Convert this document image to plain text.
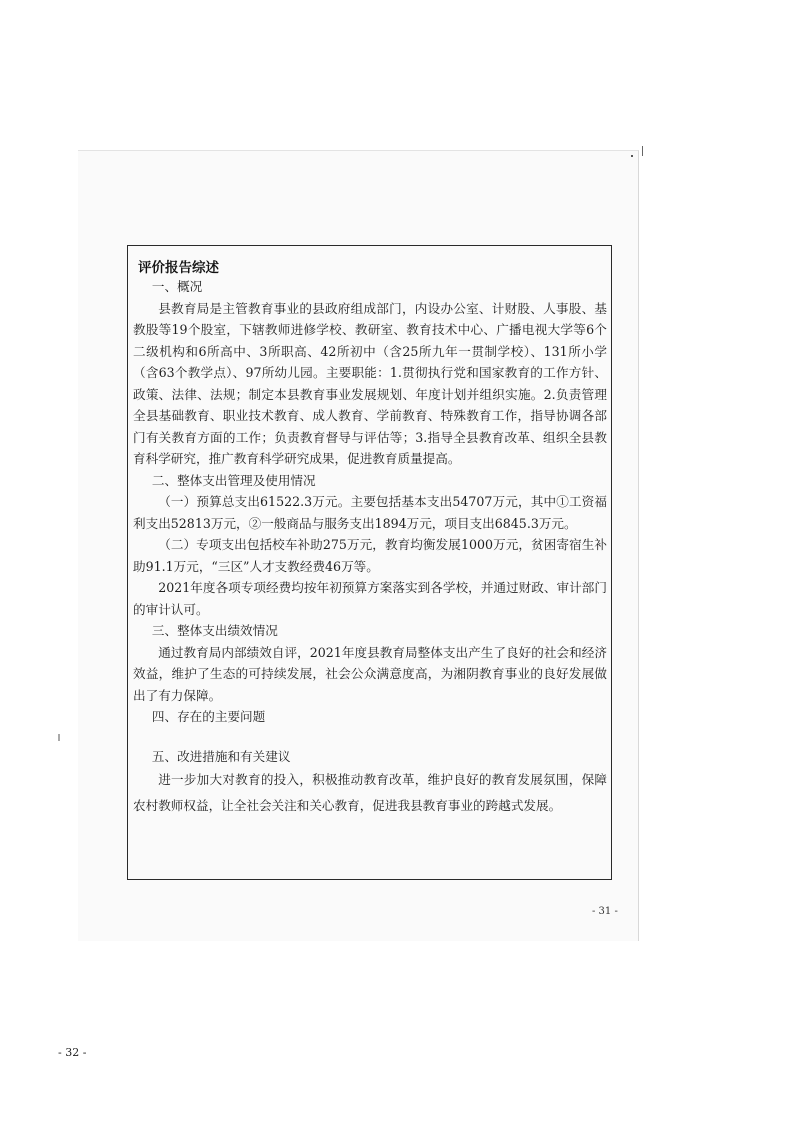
评价报告综述

一、概况

县教育局是主管教育事业的县政府组成部门，内设办公室、计财股、人事股、基教股等19个股室，下辖教师进修学校、教研室、教育技术中心、广播电视大学等6个二级机构和6所高中、3所职高、42所初中（含25所九年一贯制学校）、131所小学（含63个教学点）、97所幼儿园。主要职能：1.贯彻执行党和国家教育的工作方针、政策、法律、法规；制定本县教育事业发展规划、年度计划并组织实施。2.负责管理全县基础教育、职业技术教育、成人教育、学前教育、特殊教育工作，指导协调各部门有关教育方面的工作；负责教育督导与评估等；3.指导全县教育改革、组织全县教育科学研究，推广教育科学研究成果，促进教育质量提高。

二、整体支出管理及使用情况

（一）预算总支出61522.3万元。主要包括基本支出54707万元，其中①工资福利支出52813万元，②一般商品与服务支出1894万元，项目支出6845.3万元。

（二）专项支出包括校车补助275万元，教育均衡发展1000万元，贫困寄宿生补助91.1万元，“三区”人才支教经费46万等。

2021年度各项专项经费均按年初预算方案落实到各学校，并通过财政、审计部门的审计认可。

三、整体支出绩效情况

通过教育局内部绩效自评，2021年度县教育局整体支出产生了良好的社会和经济效益，维护了生态的可持续发展，社会公众满意度高，为湘阴教育事业的良好发展做出了有力保障。

四、存在的主要问题

五、改进措施和有关建议

进一步加大对教育的投入，积极推动教育改革，维护良好的教育发展氛围，保障农村教师权益，让全社会关注和关心教育，促进我县教育事业的跨越式发展。

- 31 -
- 32 -
